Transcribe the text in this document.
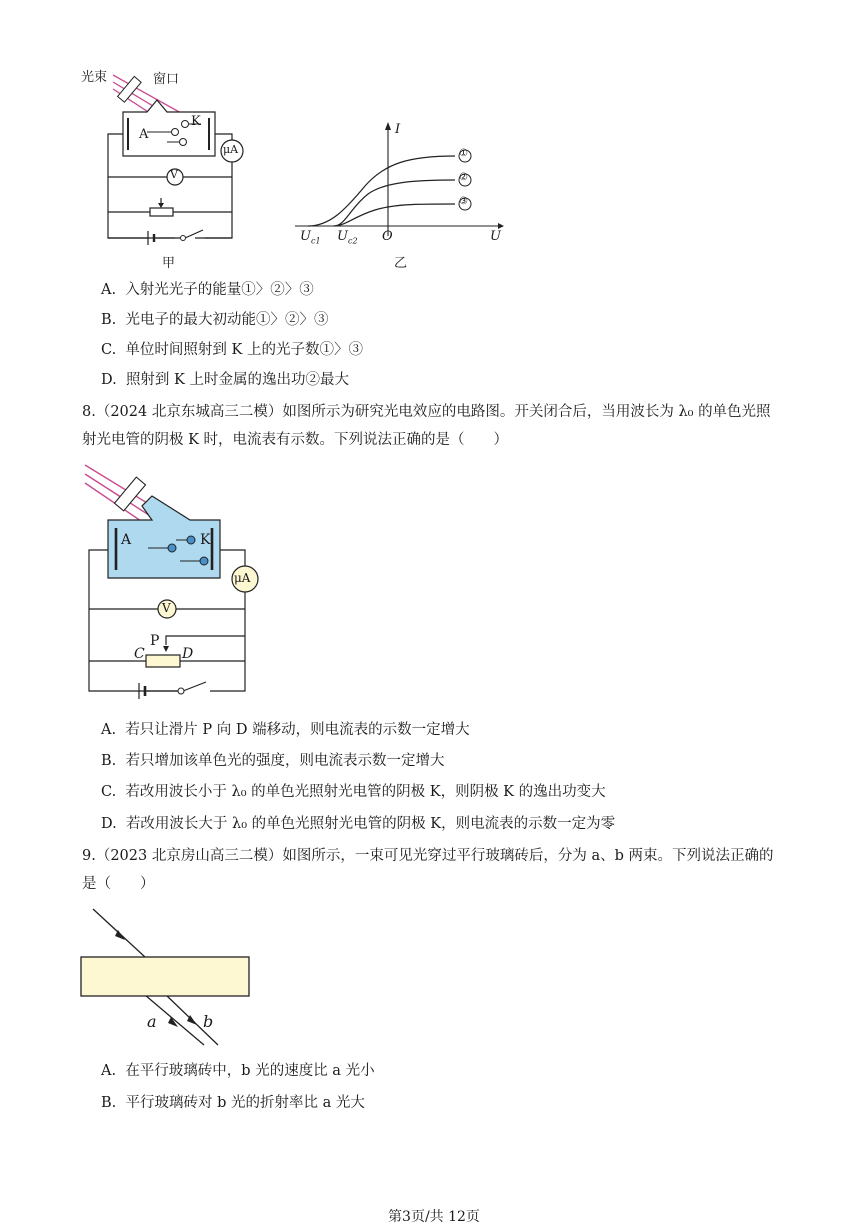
光束	窗口
A
K
μA
V
甲
I
U
$U_{c1}$ $U_{c2}$ O
①
②
③
乙
A. 入射光光子的能量①〉②〉③
B. 光电子的最大初动能①〉②〉③
C. 单位时间照射到 K 上的光子数①〉③
D. 照射到 K 上时金属的逸出功②最大
8.（2024 北京东城高三二模）如图所示为研究光电效应的电路图。开关闭合后，当用波长为 λ₀ 的单色光照
射光电管的阴极 K 时，电流表有示数。下列说法正确的是（　　）
A	K
μA
V
P
C	D
A. 若只让滑片 P 向 D 端移动，则电流表的示数一定增大
B. 若只增加该单色光的强度，则电流表示数一定增大
C. 若改用波长小于 λ₀ 的单色光照射光电管的阴极 K，则阴极 K 的逸出功变大
D. 若改用波长大于 λ₀ 的单色光照射光电管的阴极 K，则电流表的示数一定为零
9.（2023 北京房山高三二模）如图所示，一束可见光穿过平行玻璃砖后，分为 a、b 两束。下列说法正确的
是（　　）
a	b
A. 在平行玻璃砖中，b 光的速度比 a 光小
B. 平行玻璃砖对 b 光的折射率比 a 光大
第3页/共 12页
